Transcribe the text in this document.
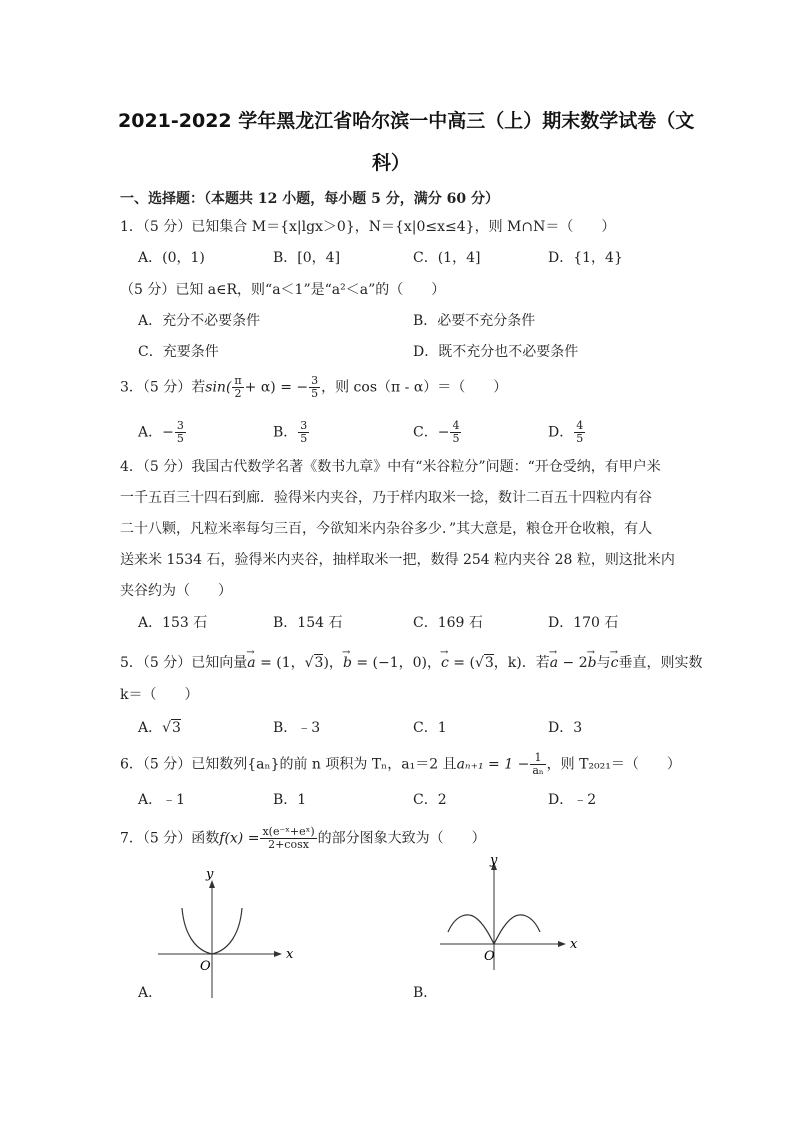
2021-2022 学年黑龙江省哈尔滨一中高三（上）期末数学试卷（文
科）
一、选择题：（本题共 12 小题，每小题 5 分，满分 60 分）
1．（5 分）已知集合 M＝{x|lgx＞0}，N＝{x|0≤x≤4}，则 M∩N＝（　　）
A．(0，1)	B．[0，4]	C．(1，4]	D．{1，4}
（5 分）已知 a∈R，则“a＜1”是“a²＜a”的（　　）
A．充分不必要条件	B．必要不充分条件
C．充要条件	D．既不充分也不必要条件
3．（5 分）若$\sin( \frac{\pi}{2} + \alpha)$ = − $\frac{3}{5}$ ，则 cos（π - α）＝（　　）
A．− $\frac{3}{5}$	B． $\frac{3}{5}$	C．− $\frac{4}{5}$	D． $\frac{4}{5}$
4．（5 分）我国古代数学名著《数书九章》中有“米谷粒分”问题：“开仓受纳，有甲户米
一千五百三十四石到廊．验得米内夹谷，乃于样内取米一捻，数计二百五十四粒内有谷
二十八颗，凡粒米率每匀三百，今欲知米内杂谷多少．”其大意是，粮仓开仓收粮，有人
送来米 1534 石，验得米内夹谷，抽样取米一把，数得 254 粒内夹谷 28 粒，则这批米内
夹谷约为（　　）
A．153 石	B．154 石	C．169 石	D．170 石
5．（5 分）已知向量→ a = (1，√3)，→ b = (−1，0)，→ c = (√3，k)．若→ a − 2→ b与→ c垂直，则实数
k＝（　　）
A．√3	B．﹣3	C．1	D．3
6．（5 分）已知数列{aₙ}的前 n 项积为 Tₙ，a₁＝2 且$a_{n+1} = 1 - \frac{1}{\text{aₙ}}$ ，则 T₂₀₂₁＝（　　）
A．﹣1	B．1	C．2	D．﹣2
7．（5 分）函数$f(x) = \frac{\text{x(e⁻ˣ+eˣ)}}{2+\cos x}$ 的部分图象大致为（　　）
y
x
O
A．
y
x
O
B．
